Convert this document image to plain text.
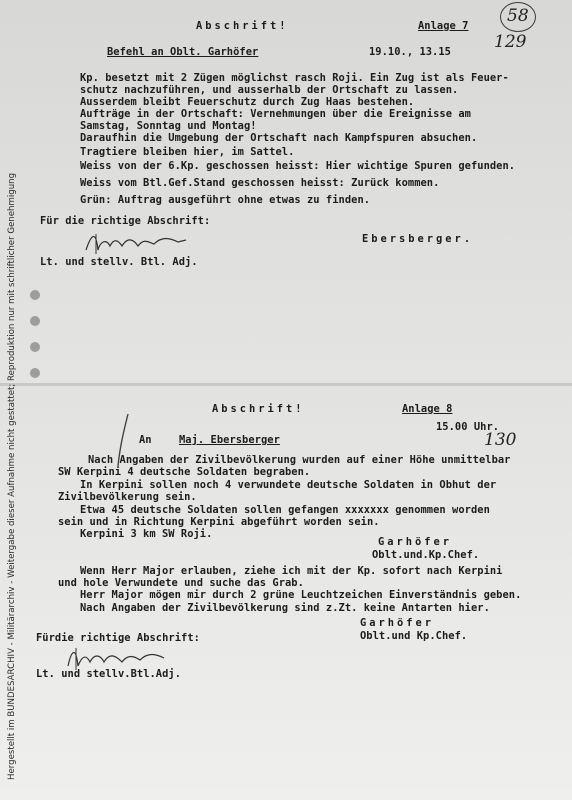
Hergestellt im BUNDESARCHIV - Militärarchiv - Weitergabe dieser Aufnahme nicht gestattet; Reproduktion nur mit schriftlicher Genehmigung
58
129
130
Abschrift!	Anlage 7
Befehl an Oblt. Garhöfer	19.10., 13.15
Kp. besetzt mit 2 Zügen möglichst rasch Roji. Ein Zug ist als Feuer-
schutz nachzuführen, und ausserhalb der Ortschaft zu lassen.
Ausserdem bleibt Feuerschutz durch Zug Haas bestehen.
Aufträge in der Ortschaft: Vernehmungen über die Ereignisse am
Samstag, Sonntag und Montag!
Daraufhin die Umgebung der Ortschaft nach Kampfspuren absuchen.
Tragtiere bleiben hier, im Sattel.
Weiss von der 6.Kp. geschossen heisst: Hier wichtige Spuren gefunden.
Weiss vom Btl.Gef.Stand geschossen heisst: Zurück kommen.
Grün: Auftrag ausgeführt ohne etwas zu finden.
Für die richtige Abschrift:
Ebersberger.
Lt. und stellv. Btl. Adj.
Abschrift!	Anlage 8
15.00 Uhr.
An	Maj. Ebersberger
Nach Angaben der Zivilbevölkerung wurden auf einer Höhe unmittelbar
SW Kerpini 4 deutsche Soldaten begraben.
In Kerpini sollen noch 4 verwundete deutsche Soldaten in Obhut der
Zivilbevölkerung sein.
Etwa 45 deutsche Soldaten sollen gefangen xxxxxxx genommen worden
sein und in Richtung Kerpini abgeführt worden sein.
Kerpini 3 km SW Roji.
Garhöfer
Oblt.und.Kp.Chef.
Wenn Herr Major erlauben, ziehe ich mit der Kp. sofort nach Kerpini
und hole Verwundete und suche das Grab.
Herr Major mögen mir durch 2 grüne Leuchtzeichen Einverständnis geben.
Nach Angaben der Zivilbevölkerung sind z.Zt. keine Antarten hier.
Garhöfer
Oblt.und Kp.Chef.
Fürdie richtige Abschrift:
Lt. und stellv.Btl.Adj.
